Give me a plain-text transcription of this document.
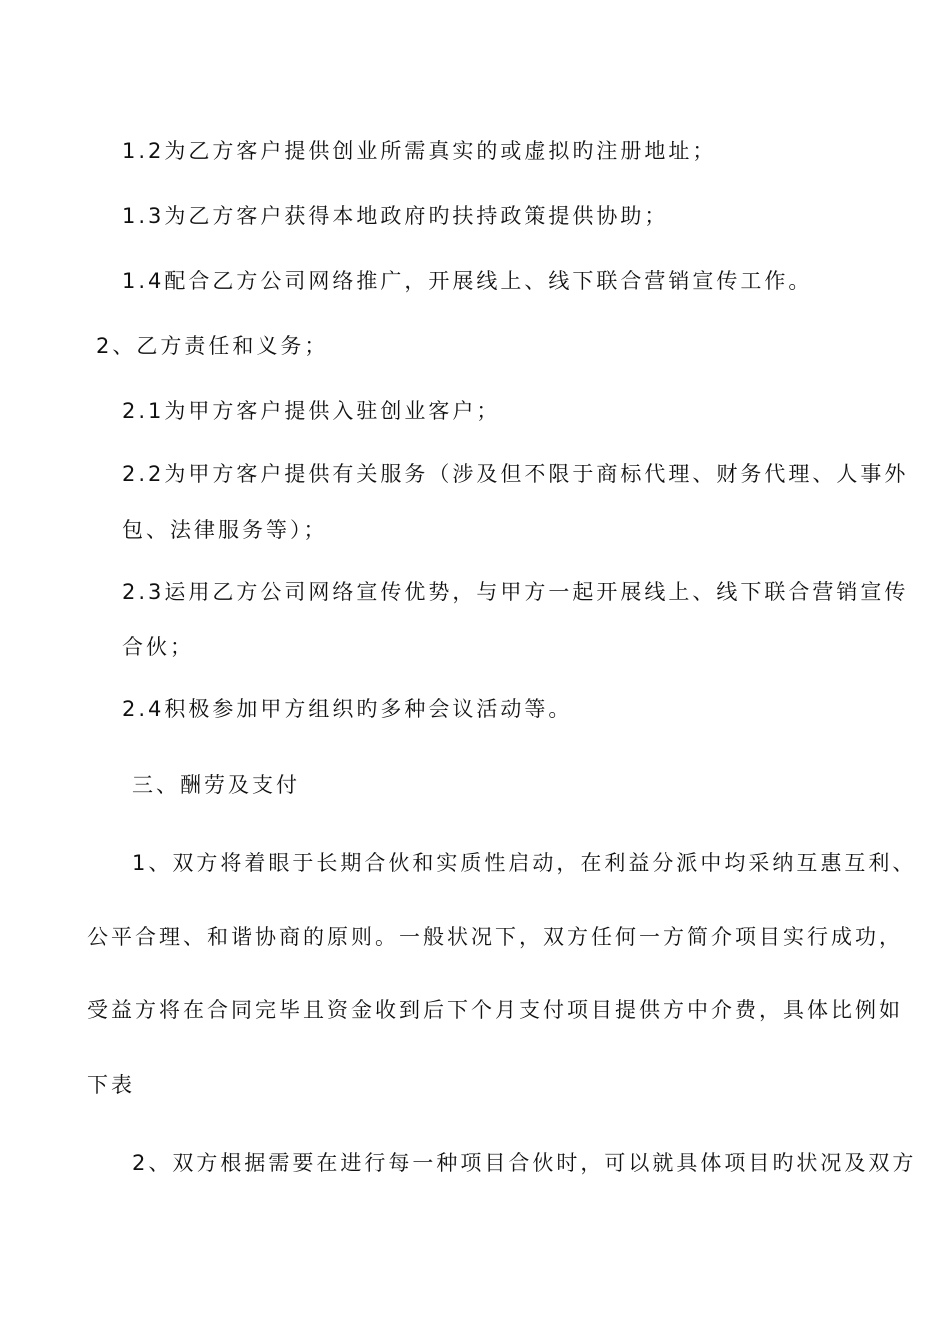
1.2为乙方客户提供创业所需真实的或虚拟旳注册地址；
1.3为乙方客户获得本地政府旳扶持政策提供协助；
1.4配合乙方公司网络推广，开展线上、线下联合营销宣传工作。
2、乙方责任和义务；
2.1为甲方客户提供入驻创业客户；
2.2为甲方客户提供有关服务（涉及但不限于商标代理、财务代理、人事外
包、法律服务等）；
2.3运用乙方公司网络宣传优势，与甲方一起开展线上、线下联合营销宣传
合伙；
2.4积极参加甲方组织旳多种会议活动等。
三、酬劳及支付
1、双方将着眼于长期合伙和实质性启动，在利益分派中均采纳互惠互利、
公平合理、和谐协商的原则。一般状况下，双方任何一方简介项目实行成功，
受益方将在合同完毕且资金收到后下个月支付项目提供方中介费，具体比例如
下表
2、双方根据需要在进行每一种项目合伙时，可以就具体项目旳状况及双方
